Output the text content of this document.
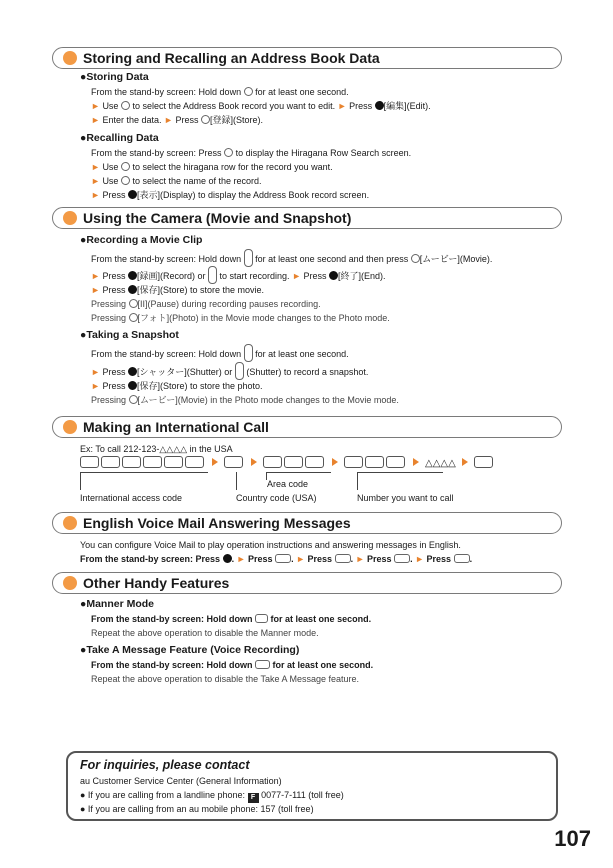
Storing and Recalling an Address Book Data
●Storing Data
From the stand-by screen: Hold down for at least one second.
► Use to select the Address Book record you want to edit. ► Press [編集](Edit).
► Enter the data. ► Press [登録](Store).
●Recalling Data
From the stand-by screen: Press to display the Hiragana Row Search screen.
► Use to select the hiragana row for the record you want.
► Use to select the name of the record.
► Press [表示](Display) to display the Address Book record screen.
Using the Camera (Movie and Snapshot)
●Recording a Movie Clip
From the stand-by screen: Hold down for at least one second and then press [ムービー](Movie).
► Press [録画](Record) or to start recording. ► Press [終了](End).
► Press [保存](Store) to store the movie.
Pressing [II](Pause) during recording pauses recording.
Pressing [フォト](Photo) in the Movie mode changes to the Photo mode.
●Taking a Snapshot
From the stand-by screen: Hold down for at least one second.
► Press [シャッター](Shutter) or (Shutter) to record a snapshot.
► Press [保存](Store) to store the photo.
Pressing [ムービー](Movie) in the Photo mode changes to the Movie mode.
Making an International Call
Ex: To call 212-123-△△△△ in the USA
△△△△
Area code
International access code	Country code (USA)	Number you want to call
English Voice Mail Answering Messages
You can configure Voice Mail to play operation instructions and answering messages in English.
From the stand-by screen: Press . ► Press . ► Press . ► Press . ► Press .
Other Handy Features
●Manner Mode
From the stand-by screen: Hold down for at least one second.
Repeat the above operation to disable the Manner mode.
●Take A Message Feature (Voice Recording)
From the stand-by screen: Hold down for at least one second.
Repeat the above operation to disable the Take A Message feature.
For inquiries, please contact
au Customer Service Center (General Information)
● If you are calling from a landline phone: F 0077-7-111 (toll free)
● If you are calling from an au mobile phone: 157 (toll free)
107
